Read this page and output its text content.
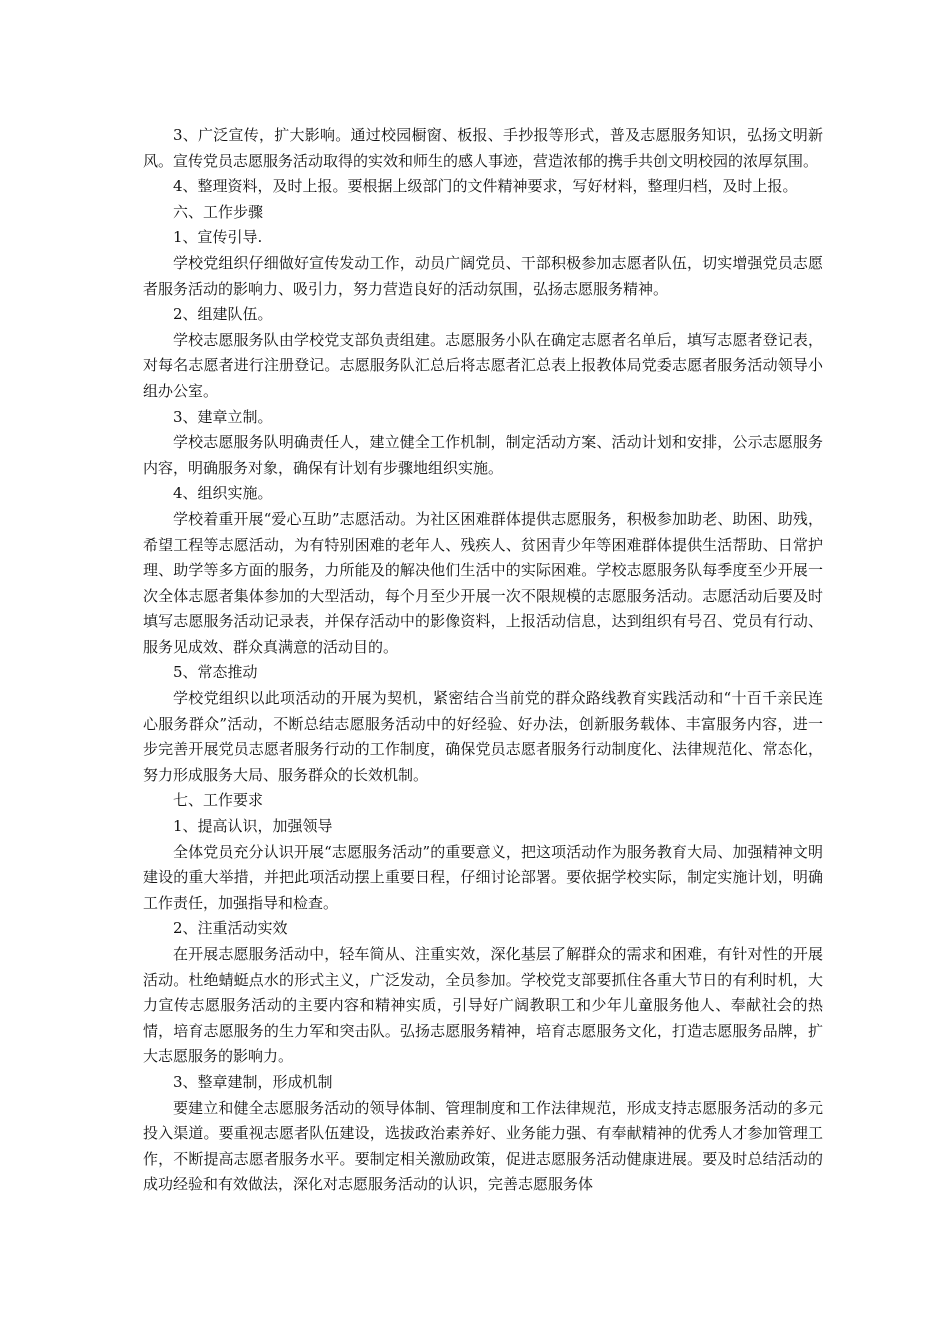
3、广泛宣传，扩大影响。通过校园橱窗、板报、手抄报等形式，普及志愿服务知识，弘扬文明新风。宣传党员志愿服务活动取得的实效和师生的感人事迹，营造浓郁的携手共创文明校园的浓厚氛围。

4、整理资料，及时上报。要根据上级部门的文件精神要求，写好材料，整理归档，及时上报。

六、工作步骤

1、宣传引导.

学校党组织仔细做好宣传发动工作，动员广阔党员、干部积极参加志愿者队伍，切实增强党员志愿者服务活动的影响力、吸引力，努力营造良好的活动氛围，弘扬志愿服务精神。

2、组建队伍。

学校志愿服务队由学校党支部负责组建。志愿服务小队在确定志愿者名单后，填写志愿者登记表，对每名志愿者进行注册登记。志愿服务队汇总后将志愿者汇总表上报教体局党委志愿者服务活动领导小组办公室。

3、建章立制。

学校志愿服务队明确责任人，建立健全工作机制，制定活动方案、活动计划和安排，公示志愿服务内容，明确服务对象，确保有计划有步骤地组织实施。

4、组织实施。

学校着重开展“爱心互助”志愿活动。为社区困难群体提供志愿服务，积极参加助老、助困、助残，希望工程等志愿活动，为有特别困难的老年人、残疾人、贫困青少年等困难群体提供生活帮助、日常护理、助学等多方面的服务，力所能及的解决他们生活中的实际困难。学校志愿服务队每季度至少开展一次全体志愿者集体参加的大型活动，每个月至少开展一次不限规模的志愿服务活动。志愿活动后要及时填写志愿服务活动记录表，并保存活动中的影像资料，上报活动信息，达到组织有号召、党员有行动、服务见成效、群众真满意的活动目的。

5、常态推动

学校党组织以此项活动的开展为契机，紧密结合当前党的群众路线教育实践活动和“十百千亲民连心服务群众”活动，不断总结志愿服务活动中的好经验、好办法，创新服务载体、丰富服务内容，进一步完善开展党员志愿者服务行动的工作制度，确保党员志愿者服务行动制度化、法律规范化、常态化，努力形成服务大局、服务群众的长效机制。

七、工作要求

1、提高认识，加强领导

全体党员充分认识开展“志愿服务活动”的重要意义，把这项活动作为服务教育大局、加强精神文明建设的重大举措，并把此项活动摆上重要日程，仔细讨论部署。要依据学校实际，制定实施计划，明确工作责任，加强指导和检查。

2、注重活动实效

在开展志愿服务活动中，轻车简从、注重实效，深化基层了解群众的需求和困难，有针对性的开展活动。杜绝蜻蜓点水的形式主义，广泛发动，全员参加。学校党支部要抓住各重大节日的有利时机，大力宣传志愿服务活动的主要内容和精神实质，引导好广阔教职工和少年儿童服务他人、奉献社会的热情，培育志愿服务的生力军和突击队。弘扬志愿服务精神，培育志愿服务文化，打造志愿服务品牌，扩大志愿服务的影响力。

3、整章建制，形成机制

要建立和健全志愿服务活动的领导体制、管理制度和工作法律规范，形成支持志愿服务活动的多元投入渠道。要重视志愿者队伍建设，选拔政治素养好、业务能力强、有奉献精神的优秀人才参加管理工作，不断提高志愿者服务水平。要制定相关激励政策，促进志愿服务活动健康进展。要及时总结活动的成功经验和有效做法，深化对志愿服务活动的认识，完善志愿服务体
